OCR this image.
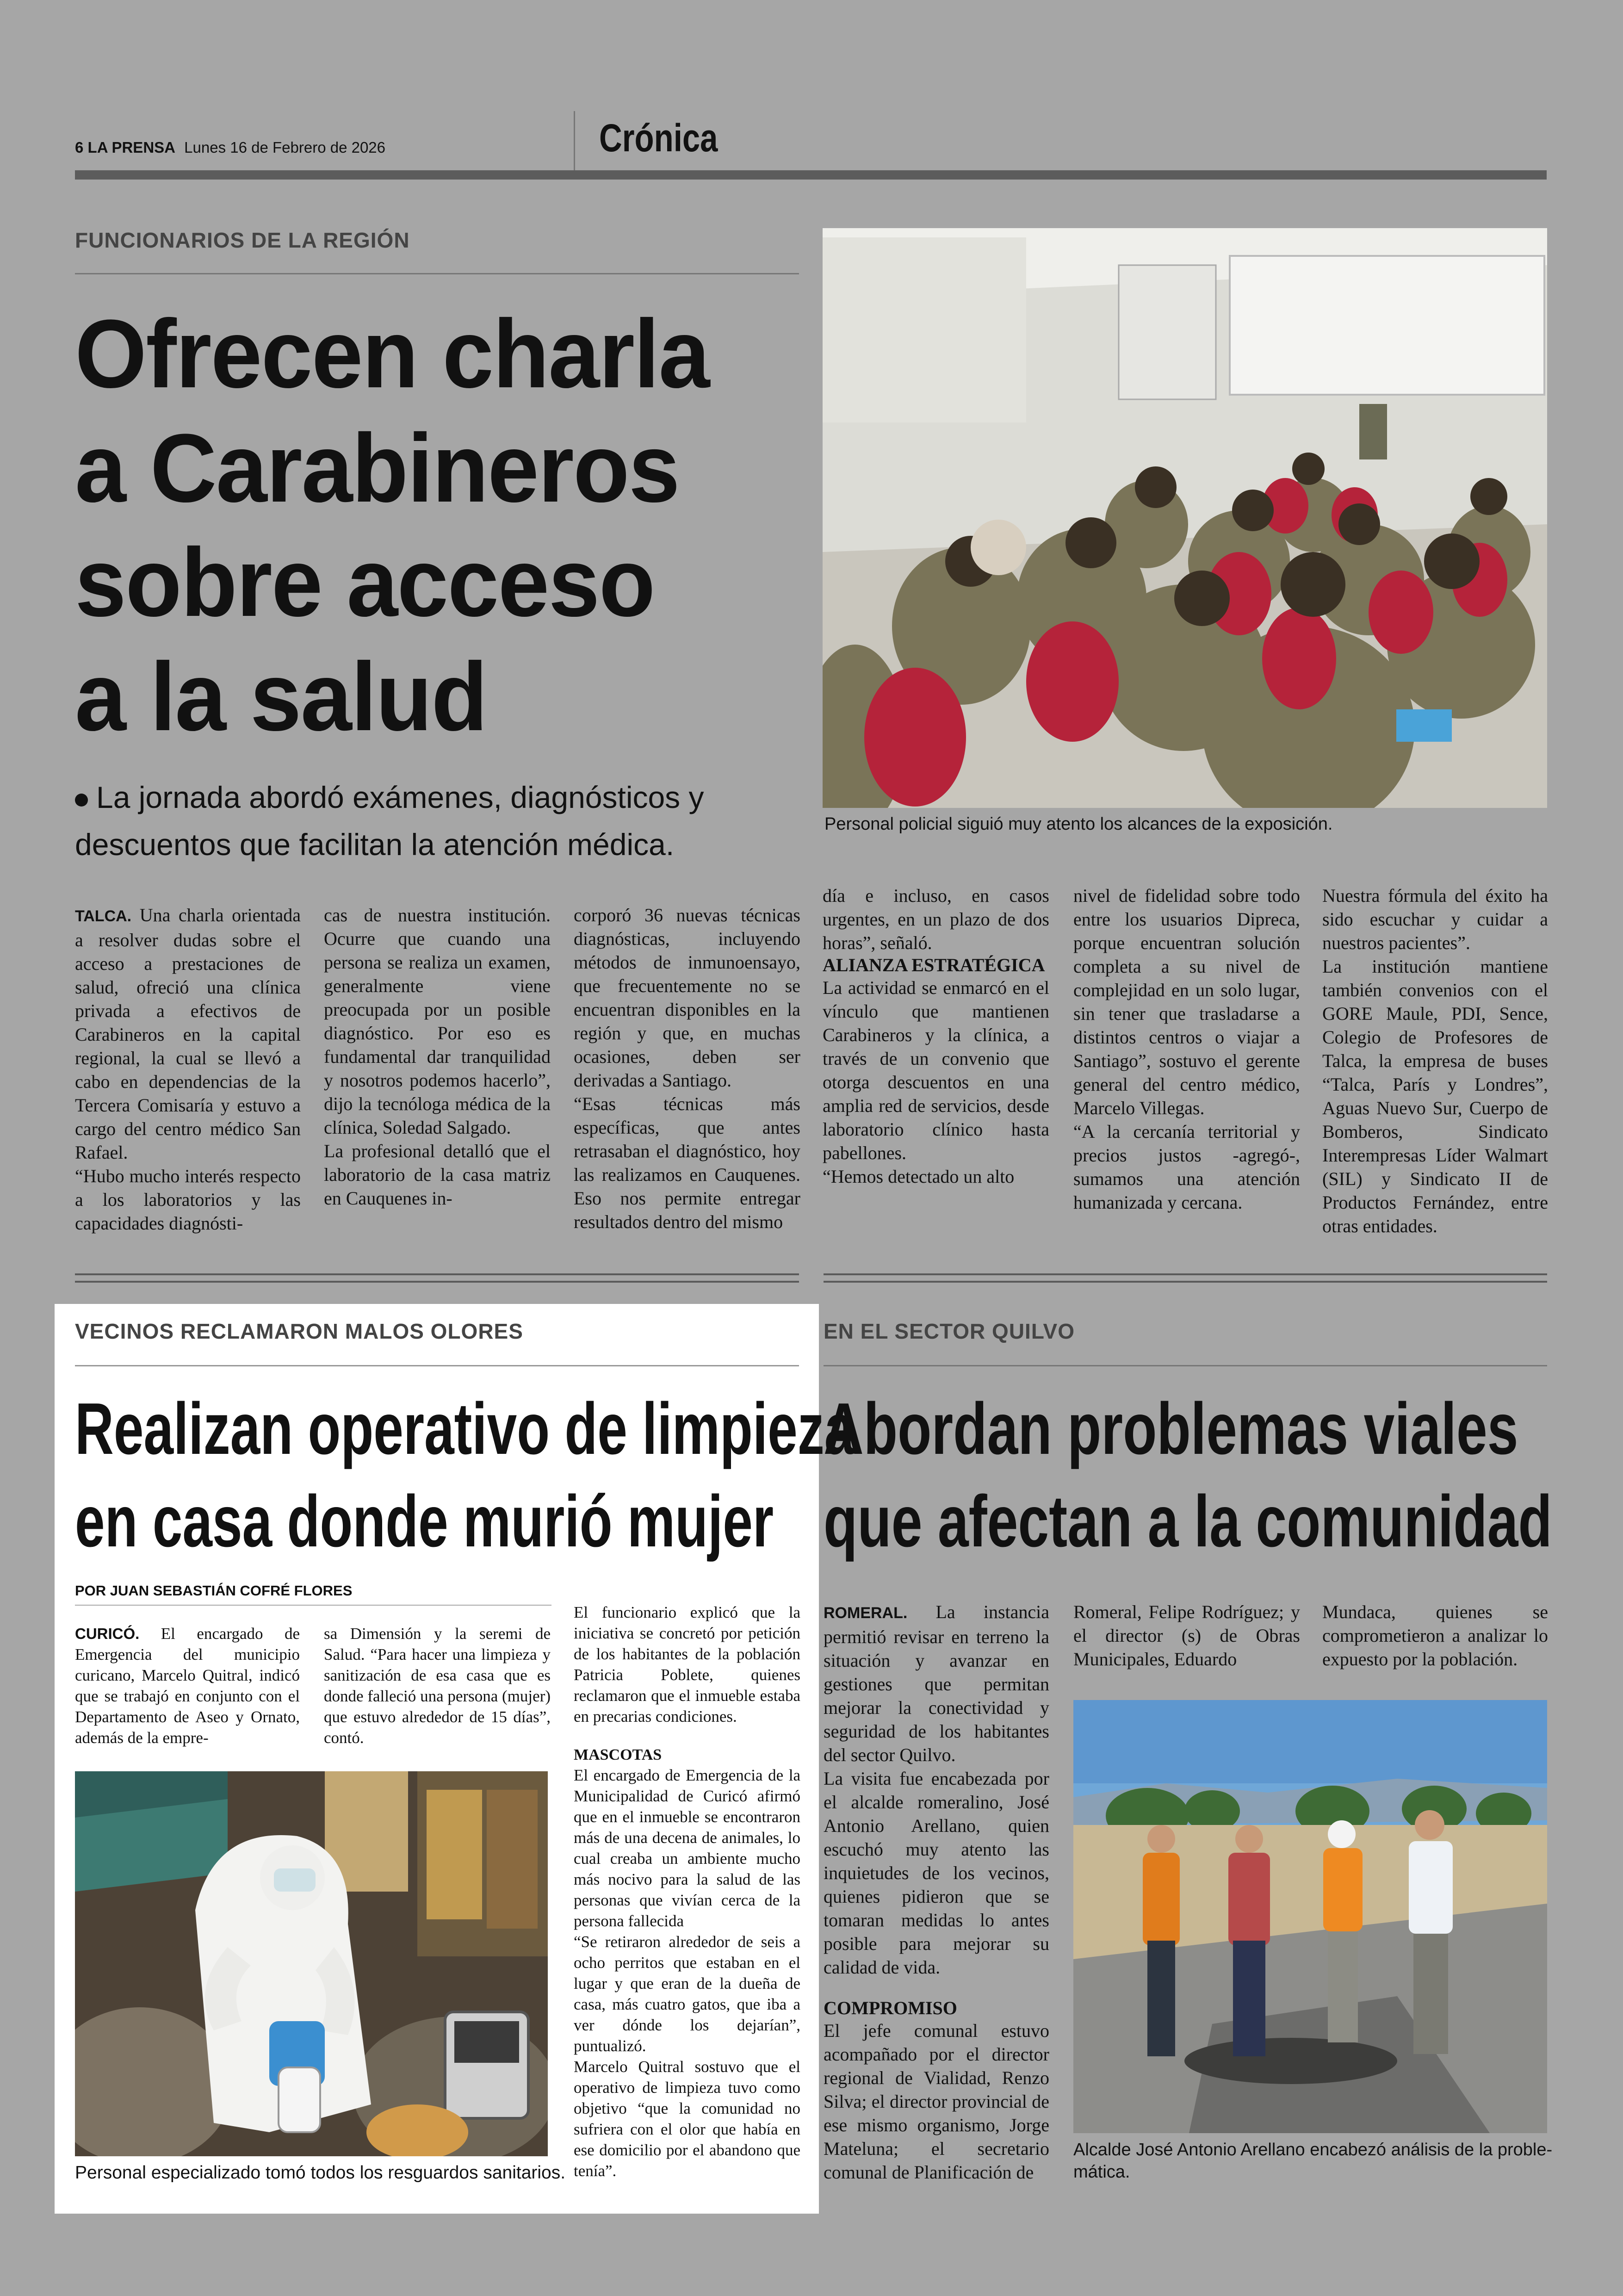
6 LA PRENSA Lunes 16 de Febrero de 2026	Crónica
FUNCIONARIOS DE LA REGIÓN
Ofrecen charla
a Carabineros
sobre acceso
a la salud
La jornada abordó exámenes, diagnósticos y
descuentos que facilitan la atención médica.
Personal policial siguió muy atento los alcances de la exposición.

TALCA. Una charla orientada a resolver dudas sobre el acceso a prestaciones de salud, ofreció una clínica privada a efectivos de Carabineros en la capital regional, la cual se llevó a cabo en dependencias de la Tercera Comisaría y estuvo a cargo del centro médico San Rafael.

“Hubo mucho interés respecto a los laboratorios y las capacidades diagnósti-

cas de nuestra institución. Ocurre que cuando una persona se realiza un examen, generalmente viene preocupada por un posible diagnóstico. Por eso es fundamental dar tranquilidad y nosotros podemos hacerlo”, dijo la tecnóloga médica de la clínica, Soledad Salgado.

La profesional detalló que el laboratorio de la casa matriz en Cauquenes in-

corporó 36 nuevas técnicas diagnósticas, incluyendo métodos de inmunoensayo, que frecuentemente no se encuentran disponibles en la región y que, en muchas ocasiones, deben ser derivadas a Santiago.

“Esas técnicas más específicas, que antes retrasaban el diagnóstico, hoy las realizamos en Cauquenes. Eso nos permite entregar resultados dentro del mismo

día e incluso, en casos urgentes, en un plazo de dos horas”, señaló.

ALIANZA ESTRATÉGICA

La actividad se enmarcó en el vínculo que mantienen Carabineros y la clínica, a través de un convenio que otorga descuentos en una amplia red de servicios, desde laboratorio clínico hasta pabellones.

“Hemos detectado un alto

nivel de fidelidad sobre todo entre los usuarios Dipreca, porque encuentran solución completa a su nivel de complejidad en un solo lugar, sin tener que trasladarse a distintos centros o viajar a Santiago”, sostuvo el gerente general del centro médico, Marcelo Villegas.

“A la cercanía territorial y precios justos -agregó-, sumamos una atención humanizada y cercana.

Nuestra fórmula del éxito ha sido escuchar y cuidar a nuestros pacientes”.

La institución mantiene también convenios con el GORE Maule, PDI, Sence, Colegio de Profesores de Talca, la empresa de buses “Talca, París y Londres”, Aguas Nuevo Sur, Cuerpo de Bomberos, Sindicato Interempresas Líder Walmart (SIL) y Sindicato II de Productos Fernández, entre otras entidades.

VECINOS RECLAMARON MALOS OLORES
Realizan operativo de limpieza
en casa donde murió mujer
POR JUAN SEBASTIÁN COFRÉ FLORES

CURICÓ. El encargado de Emergencia del municipio curicano, Marcelo Quitral, indicó que se trabajó en conjunto con el Departamento de Aseo y Ornato, además de la empre-

sa Dimensión y la seremi de Salud. “Para hacer una limpieza y sanitización de esa casa que es donde falleció una persona (mujer) que estuvo alrededor de 15 días”, contó.

El funcionario explicó que la iniciativa se concretó por petición de los habitantes de la población Patricia Poblete, quienes reclamaron que el inmueble estaba en precarias condiciones.

MASCOTAS

El encargado de Emergencia de la Municipalidad de Curicó afirmó que en el inmueble se encontraron más de una decena de animales, lo cual creaba un ambiente mucho más nocivo para la salud de las personas que vivían cerca de la persona fallecida

“Se retiraron alrededor de seis a ocho perritos que estaban en el lugar y que eran de la dueña de casa, más cuatro gatos, que iba a ver dónde los dejarían”, puntualizó.

Marcelo Quitral sostuvo que el operativo de limpieza tuvo como objetivo “que la comunidad no sufriera con el olor que había en ese domicilio por el abandono que tenía”.

Personal especializado tomó todos los resguardos sanitarios.
EN EL SECTOR QUILVO
Abordan problemas viales
que afectan a la comunidad

ROMERAL. La instancia permitió revisar en terreno la situación y avanzar en gestiones que permitan mejorar la conectividad y seguridad de los habitantes del sector Quilvo.

La visita fue encabezada por el alcalde romeralino, José Antonio Arellano, quien escuchó muy atento las inquietudes de los vecinos, quienes pidieron que se tomaran medidas lo antes posible para mejorar su calidad de vida.

COMPROMISO

El jefe comunal estuvo acompañado por el director regional de Vialidad, Renzo Silva; el director provincial de ese mismo organismo, Jorge Mateluna; el secretario comunal de Planificación de

Romeral, Felipe Rodríguez; y el director (s) de Obras Municipales, Eduardo

Mundaca, quienes se comprometieron a analizar lo expuesto por la población.

Alcalde José Antonio Arellano encabezó análisis de la proble-
mática.
